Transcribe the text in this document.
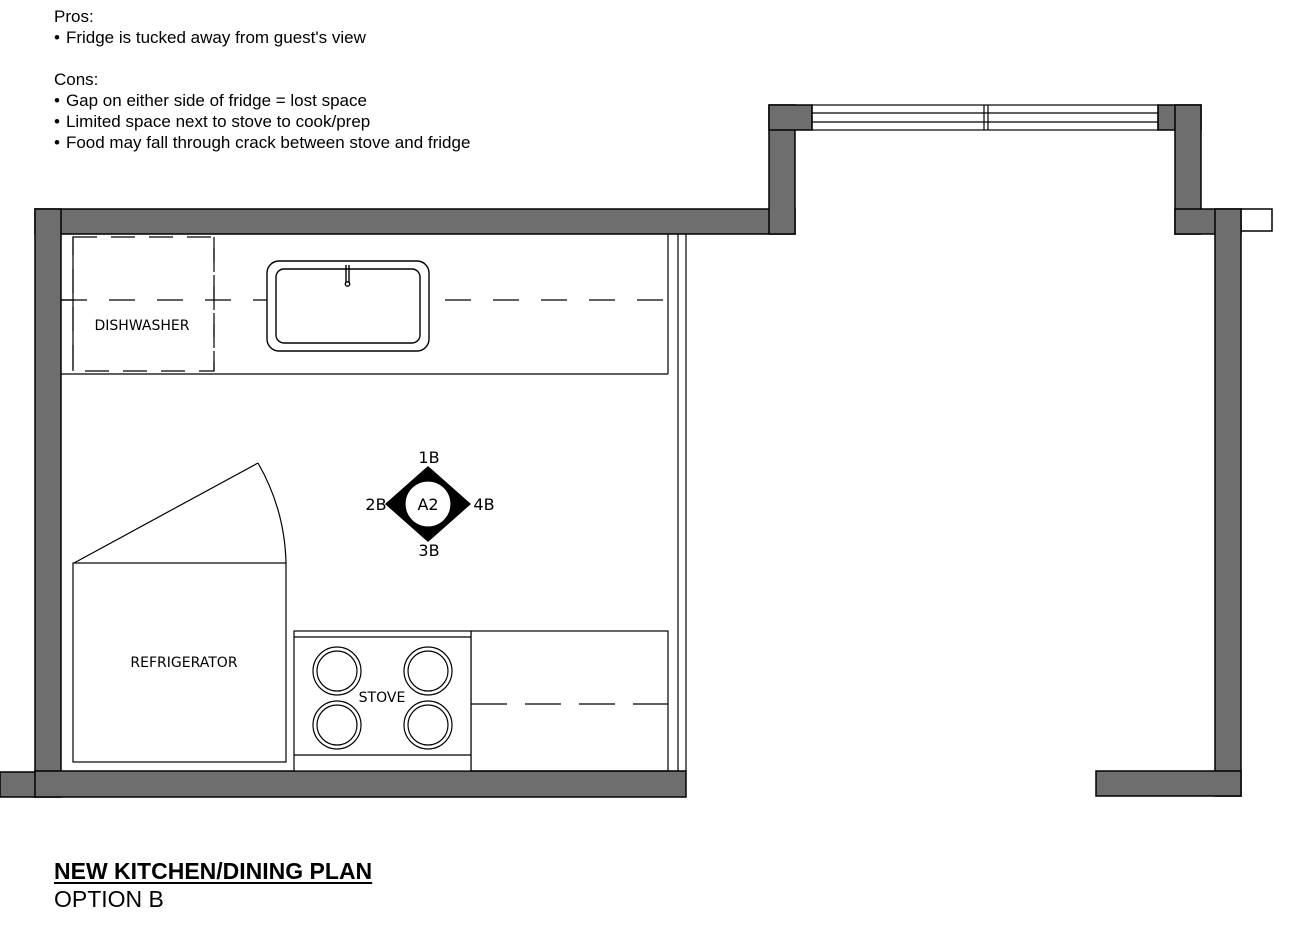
Pros:
• Fridge is tucked away from guest's view
Cons:
• Gap on either side of fridge = lost space
• Limited space next to stove to cook/prep
• Food may fall through crack between stove and fridge
DISHWASHER
REFRIGERATOR
STOVE
A2
1B
2B
3B
4B
NEW KITCHEN/DINING PLAN
OPTION B
